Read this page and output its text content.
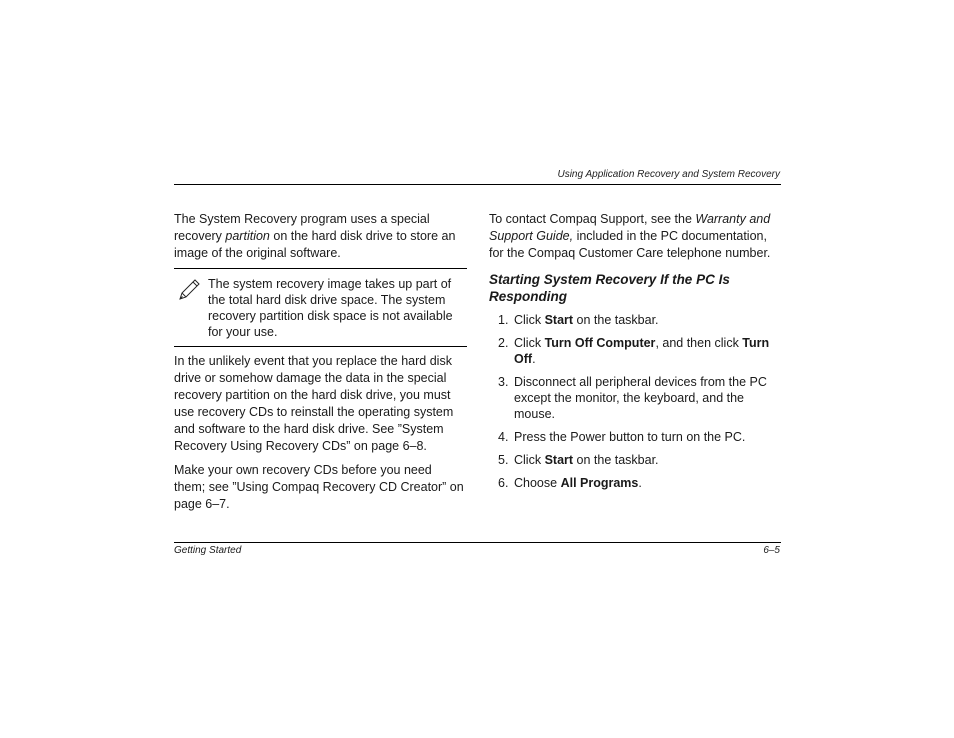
Using Application Recovery and System Recovery

The System Recovery program uses a special recovery partition on the hard disk drive to store an image of the original software.

The system recovery image takes up part of the total hard disk drive space. The system recovery partition disk space is not available for your use.

In the unlikely event that you replace the hard disk drive or somehow damage the data in the special recovery partition on the hard disk drive, you must use recovery CDs to reinstall the operating system and software to the hard disk drive. See ”System Recovery Using Recovery CDs” on page 6–8.

Make your own recovery CDs before you need them; see ”Using Compaq Recovery CD Creator” on page 6–7.

To contact Compaq Support, see the Warranty and Support Guide, included in the PC documentation, for the Compaq Customer Care telephone number.

Starting System Recovery If the PC Is Responding
1. Click Start on the taskbar.
2. Click Turn Off Computer, and then click Turn Off.
3. Disconnect all peripheral devices from the PC except the monitor, the keyboard, and the mouse.
4. Press the Power button to turn on the PC.
5. Click Start on the taskbar.
6. Choose All Programs.
Getting Started	6–5
